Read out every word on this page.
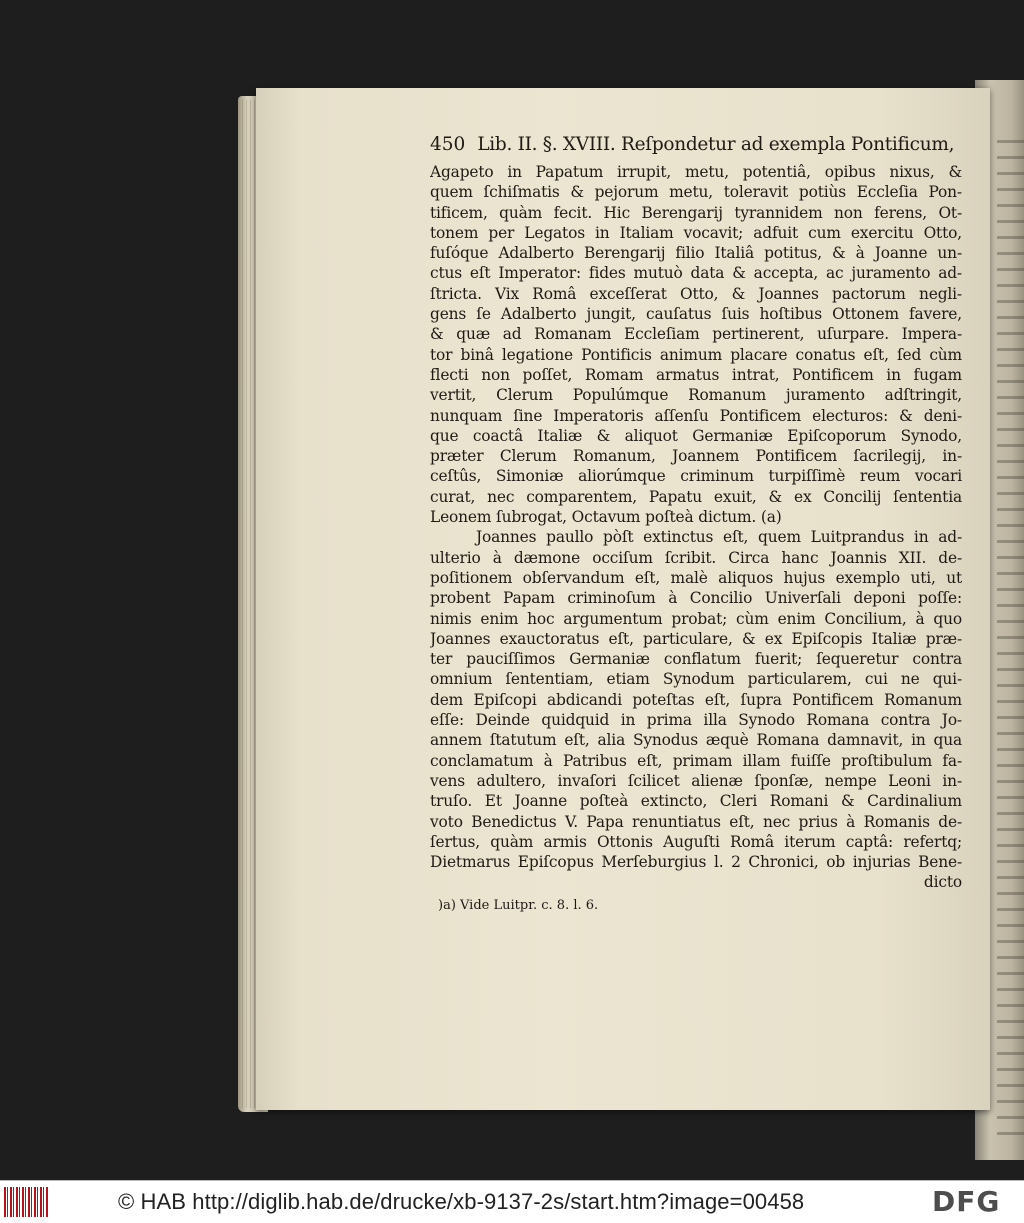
450 Lib. II. §. XVIII. Reſpondetur ad exempla Pontificum,
Agapeto in Papatum irrupit, metu, potentiâ, opibus nixus, &
quem ſchiſmatis & pejorum metu, toleravit potiùs Eccleſia Pon-
tificem, quàm fecit. Hic Berengarij tyrannidem non ferens, Ot-
tonem per Legatos in Italiam vocavit; adfuit cum exercitu Otto,
fuſóque Adalberto Berengarij filio Italiâ potitus, & à Joanne un-
ctus eſt Imperator: fides mutuò data & accepta, ac juramento ad-
ſtricta. Vix Româ exceſſerat Otto, & Joannes pactorum negli-
gens ſe Adalberto jungit, cauſatus ſuis hoſtibus Ottonem favere,
& quæ ad Romanam Eccleſiam pertinerent, uſurpare. Impera-
tor binâ legatione Pontificis animum placare conatus eſt, ſed cùm
flecti non poſſet, Romam armatus intrat, Pontificem in fugam
vertit, Clerum Populúmque Romanum juramento adſtringit,
nunquam ſine Imperatoris aſſenſu Pontificem electuros: & deni-
que coactâ Italiæ & aliquot Germaniæ Epiſcoporum Synodo,
præter Clerum Romanum, Joannem Pontificem ſacrilegij, in-
ceſtûs, Simoniæ aliorúmque criminum turpiſſimè reum vocari
curat, nec comparentem, Papatu exuit, & ex Concilij ſententia
Leonem ſubrogat, Octavum poſteà dictum. (a)
Joannes paullo pòſt extinctus eſt, quem Luitprandus in ad-
ulterio à dæmone occiſum ſcribit. Circa hanc Joannis XII. de-
poſitionem obſervandum eſt, malè aliquos hujus exemplo uti, ut
probent Papam criminoſum à Concilio Univerſali deponi poſſe:
nimis enim hoc argumentum probat; cùm enim Concilium, à quo
Joannes exauctoratus eſt, particulare, & ex Epiſcopis Italiæ præ-
ter pauciſſimos Germaniæ conflatum fuerit; ſequeretur contra
omnium ſententiam, etiam Synodum particularem, cui ne qui-
dem Epiſcopi abdicandi poteſtas eſt, ſupra Pontificem Romanum
eſſe: Deinde quidquid in prima illa Synodo Romana contra Jo-
annem ſtatutum eſt, alia Synodus æquè Romana damnavit, in qua
conclamatum à Patribus eſt, primam illam fuiſſe proſtibulum fa-
vens adultero, invaſori ſcilicet alienæ ſponſæ, nempe Leoni in-
truſo. Et Joanne poſteà extincto, Cleri Romani & Cardinalium
voto Benedictus V. Papa renuntiatus eſt, nec prius à Romanis de-
ſertus, quàm armis Ottonis Auguſti Româ iterum captâ: refertq;
Dietmarus Epiſcopus Merſeburgius l. 2 Chronici, ob injurias Bene-
dicto
)a) Vide Luitpr. c. 8. l. 6.
© HAB http://diglib.hab.de/drucke/xb-9137-2s/start.htm?image=00458	DFG
